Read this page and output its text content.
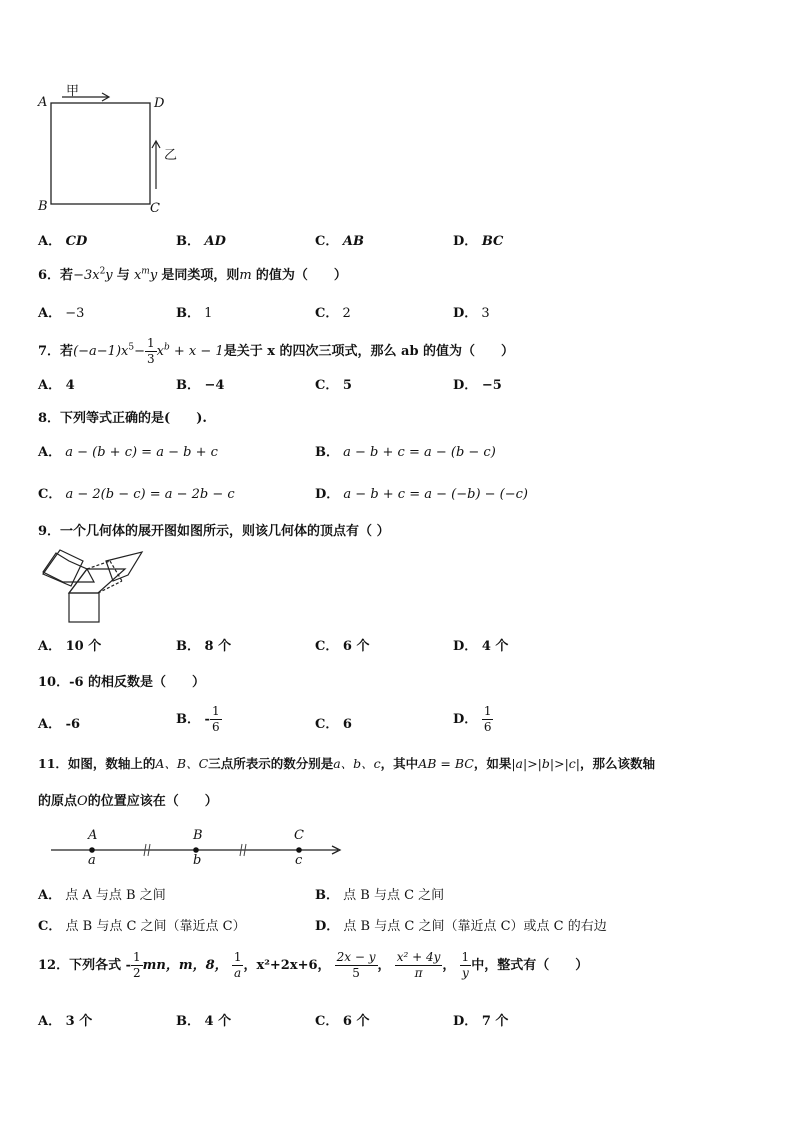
A	D
B	C
甲
乙
A． CD	B． AD	C． AB	D． BC
6．若$-3x^2y$ 与 $x^my$ 是同类项，则m 的值为（　　）
A． −3	B． 1	C． 2	D． 3
7．若$(-a-1)x^5- \frac{1}{3} x^b + x - 1$是关于 x 的四次三项式，那么 ab 的值为（　　）
A． 4	B． −4	C． 5	D． −5
8．下列等式正确的是(　　).
A． a − (b + c) = a − b + c	B． a − b + c = a − (b − c)
C． a − 2(b − c) = a − 2b − c	D． a − b + c = a − (−b) − (−c)
9．一个几何体的展开图如图所示，则该几何体的顶点有（ ）
A． 10 个	B． 8 个	C． 6 个	D． 4 个
10．-6 的相反数是（　　）
A． -6	B． - $\frac{1}{6}$	C． 6	D． $\frac{1}{6}$
11．如图，数轴上的A、B、C三点所表示的数分别是a、b、c，其中AB = BC，如果|a|>|b|>|c|，那么该数轴
的原点O的位置应该在（　　）
A	B	C
a	b	c
A． 点 A 与点 B 之间	B． 点 B 与点 C 之间
C． 点 B 与点 C 之间（靠近点 C）	D． 点 B 与点 C 之间（靠近点 C）或点 C 的右边
12．下列各式 - $\frac{1}{2}$ mn，m，8， $\frac{1}{a}$ ，x²+2x+6， $\frac{2x - y}{5}$ ， $\frac{\text{x² + 4y}}{\pi}$ ， $\frac{1}{y}$ 中，整式有（　　）
A． 3 个	B． 4 个	C． 6 个	D． 7 个
